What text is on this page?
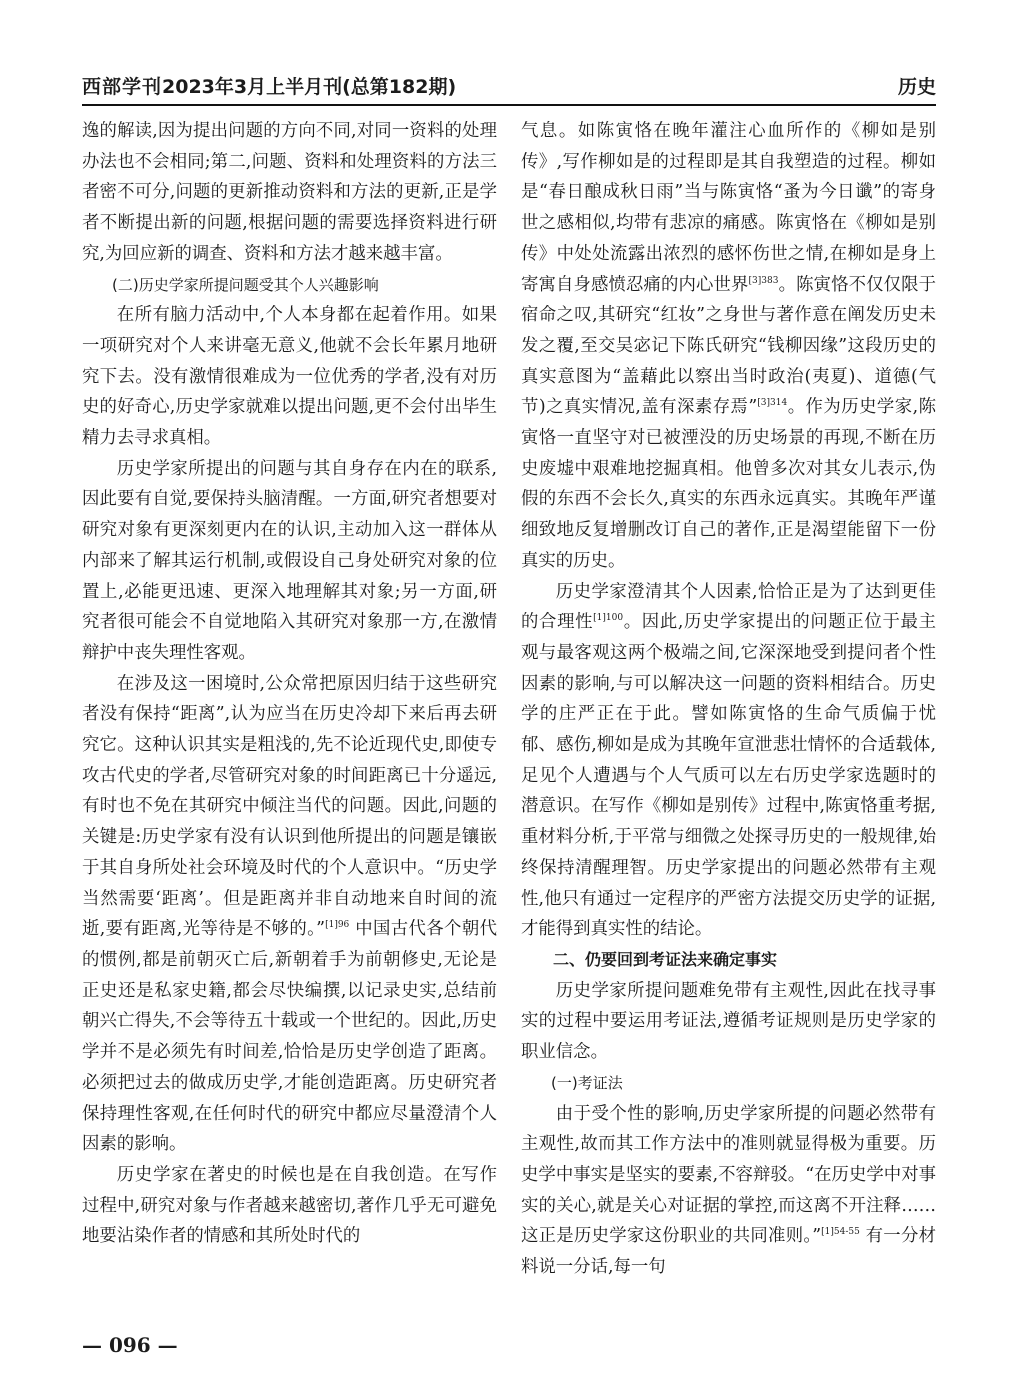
西部学刊2023年3月上半月刊(总第182期)	历史

逸的解读,因为提出问题的方向不同,对同一资料的处理办法也不会相同;第二,问题、资料和处理资料的方法三者密不可分,问题的更新推动资料和方法的更新,正是学者不断提出新的问题,根据问题的需要选择资料进行研究,为回应新的调查、资料和方法才越来越丰富。

(二)历史学家所提问题受其个人兴趣影响

在所有脑力活动中,个人本身都在起着作用。如果一项研究对个人来讲毫无意义,他就不会长年累月地研究下去。没有激情很难成为一位优秀的学者,没有对历史的好奇心,历史学家就难以提出问题,更不会付出毕生精力去寻求真相。

历史学家所提出的问题与其自身存在内在的联系,因此要有自觉,要保持头脑清醒。一方面,研究者想要对研究对象有更深刻更内在的认识,主动加入这一群体从内部来了解其运行机制,或假设自己身处研究对象的位置上,必能更迅速、更深入地理解其对象;另一方面,研究者很可能会不自觉地陷入其研究对象那一方,在激情辩护中丧失理性客观。

在涉及这一困境时,公众常把原因归结于这些研究者没有保持“距离”,认为应当在历史冷却下来后再去研究它。这种认识其实是粗浅的,先不论近现代史,即使专攻古代史的学者,尽管研究对象的时间距离已十分遥远,有时也不免在其研究中倾注当代的问题。因此,问题的关键是:历史学家有没有认识到他所提出的问题是镶嵌于其自身所处社会环境及时代的个人意识中。“历史学当然需要‘距离’。但是距离并非自动地来自时间的流逝,要有距离,光等待是不够的。”$^{[1]96}$ 中国古代各个朝代的惯例,都是前朝灭亡后,新朝着手为前朝修史,无论是正史还是私家史籍,都会尽快编撰,以记录史实,总结前朝兴亡得失,不会等待五十载或一个世纪的。因此,历史学并不是必须先有时间差,恰恰是历史学创造了距离。必须把过去的做成历史学,才能创造距离。历史研究者保持理性客观,在任何时代的研究中都应尽量澄清个人因素的影响。

历史学家在著史的时候也是在自我创造。在写作过程中,研究对象与作者越来越密切,著作几乎无可避免地要沾染作者的情感和其所处时代的

气息。如陈寅恪在晚年灌注心血所作的《柳如是别传》,写作柳如是的过程即是其自我塑造的过程。柳如是“春日酿成秋日雨”当与陈寅恪“蚤为今日谶”的寄身世之感相似,均带有悲凉的痛感。陈寅恪在《柳如是别传》中处处流露出浓烈的感怀伤世之情,在柳如是身上寄寓自身感愤忍痛的内心世界$^{[3]383}$。陈寅恪不仅仅限于宿命之叹,其研究“红妆”之身世与著作意在阐发历史未发之覆,至交吴宓记下陈氏研究“钱柳因缘”这段历史的真实意图为“盖藉此以察出当时政治(夷夏)、道德(气节)之真实情况,盖有深素存焉”$^{[3]314}$。作为历史学家,陈寅恪一直坚守对已被湮没的历史场景的再现,不断在历史废墟中艰难地挖掘真相。他曾多次对其女儿表示,伪假的东西不会长久,真实的东西永远真实。其晚年严谨细致地反复增删改订自己的著作,正是渴望能留下一份真实的历史。

历史学家澄清其个人因素,恰恰正是为了达到更佳的合理性$^{[1]100}$。因此,历史学家提出的问题正位于最主观与最客观这两个极端之间,它深深地受到提问者个性因素的影响,与可以解决这一问题的资料相结合。历史学的庄严正在于此。譬如陈寅恪的生命气质偏于忧郁、感伤,柳如是成为其晚年宣泄悲壮情怀的合适载体,足见个人遭遇与个人气质可以左右历史学家选题时的潜意识。在写作《柳如是别传》过程中,陈寅恪重考据,重材料分析,于平常与细微之处探寻历史的一般规律,始终保持清醒理智。历史学家提出的问题必然带有主观性,他只有通过一定程序的严密方法提交历史学的证据,才能得到真实性的结论。

二、仍要回到考证法来确定事实

历史学家所提问题难免带有主观性,因此在找寻事实的过程中要运用考证法,遵循考证规则是历史学家的职业信念。

(一)考证法

由于受个性的影响,历史学家所提的问题必然带有主观性,故而其工作方法中的准则就显得极为重要。历史学中事实是坚实的要素,不容辩驳。“在历史学中对事实的关心,就是关心对证据的掌控,而这离不开注释……这正是历史学家这份职业的共同准则。”$^{[1]54-55}$ 有一分材料说一分话,每一句

— 096 —
